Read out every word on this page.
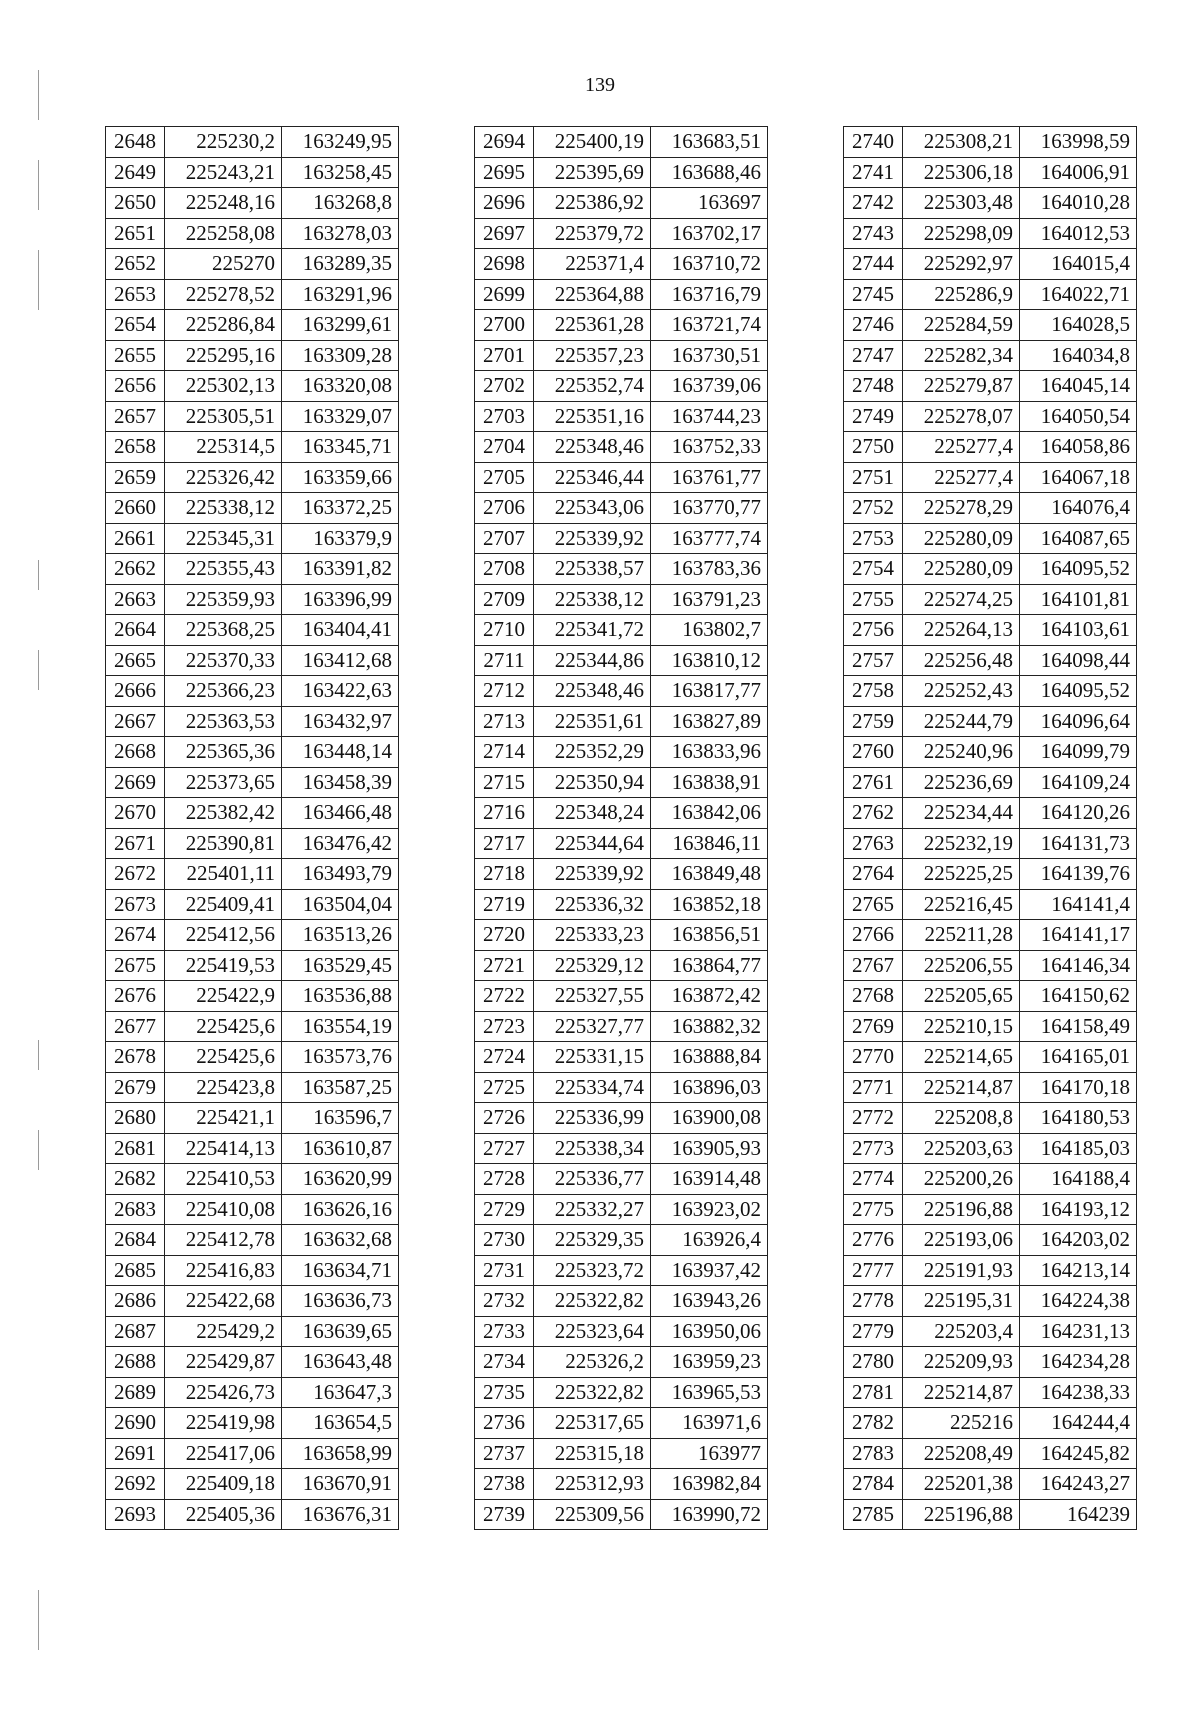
139
2648	225230,2	163249,95
2649	225243,21	163258,45
2650	225248,16	163268,8
2651	225258,08	163278,03
2652	225270	163289,35
2653	225278,52	163291,96
2654	225286,84	163299,61
2655	225295,16	163309,28
2656	225302,13	163320,08
2657	225305,51	163329,07
2658	225314,5	163345,71
2659	225326,42	163359,66
2660	225338,12	163372,25
2661	225345,31	163379,9
2662	225355,43	163391,82
2663	225359,93	163396,99
2664	225368,25	163404,41
2665	225370,33	163412,68
2666	225366,23	163422,63
2667	225363,53	163432,97
2668	225365,36	163448,14
2669	225373,65	163458,39
2670	225382,42	163466,48
2671	225390,81	163476,42
2672	225401,11	163493,79
2673	225409,41	163504,04
2674	225412,56	163513,26
2675	225419,53	163529,45
2676	225422,9	163536,88
2677	225425,6	163554,19
2678	225425,6	163573,76
2679	225423,8	163587,25
2680	225421,1	163596,7
2681	225414,13	163610,87
2682	225410,53	163620,99
2683	225410,08	163626,16
2684	225412,78	163632,68
2685	225416,83	163634,71
2686	225422,68	163636,73
2687	225429,2	163639,65
2688	225429,87	163643,48
2689	225426,73	163647,3
2690	225419,98	163654,5
2691	225417,06	163658,99
2692	225409,18	163670,91
2693	225405,36	163676,31
2694	225400,19	163683,51
2695	225395,69	163688,46
2696	225386,92	163697
2697	225379,72	163702,17
2698	225371,4	163710,72
2699	225364,88	163716,79
2700	225361,28	163721,74
2701	225357,23	163730,51
2702	225352,74	163739,06
2703	225351,16	163744,23
2704	225348,46	163752,33
2705	225346,44	163761,77
2706	225343,06	163770,77
2707	225339,92	163777,74
2708	225338,57	163783,36
2709	225338,12	163791,23
2710	225341,72	163802,7
2711	225344,86	163810,12
2712	225348,46	163817,77
2713	225351,61	163827,89
2714	225352,29	163833,96
2715	225350,94	163838,91
2716	225348,24	163842,06
2717	225344,64	163846,11
2718	225339,92	163849,48
2719	225336,32	163852,18
2720	225333,23	163856,51
2721	225329,12	163864,77
2722	225327,55	163872,42
2723	225327,77	163882,32
2724	225331,15	163888,84
2725	225334,74	163896,03
2726	225336,99	163900,08
2727	225338,34	163905,93
2728	225336,77	163914,48
2729	225332,27	163923,02
2730	225329,35	163926,4
2731	225323,72	163937,42
2732	225322,82	163943,26
2733	225323,64	163950,06
2734	225326,2	163959,23
2735	225322,82	163965,53
2736	225317,65	163971,6
2737	225315,18	163977
2738	225312,93	163982,84
2739	225309,56	163990,72
2740	225308,21	163998,59
2741	225306,18	164006,91
2742	225303,48	164010,28
2743	225298,09	164012,53
2744	225292,97	164015,4
2745	225286,9	164022,71
2746	225284,59	164028,5
2747	225282,34	164034,8
2748	225279,87	164045,14
2749	225278,07	164050,54
2750	225277,4	164058,86
2751	225277,4	164067,18
2752	225278,29	164076,4
2753	225280,09	164087,65
2754	225280,09	164095,52
2755	225274,25	164101,81
2756	225264,13	164103,61
2757	225256,48	164098,44
2758	225252,43	164095,52
2759	225244,79	164096,64
2760	225240,96	164099,79
2761	225236,69	164109,24
2762	225234,44	164120,26
2763	225232,19	164131,73
2764	225225,25	164139,76
2765	225216,45	164141,4
2766	225211,28	164141,17
2767	225206,55	164146,34
2768	225205,65	164150,62
2769	225210,15	164158,49
2770	225214,65	164165,01
2771	225214,87	164170,18
2772	225208,8	164180,53
2773	225203,63	164185,03
2774	225200,26	164188,4
2775	225196,88	164193,12
2776	225193,06	164203,02
2777	225191,93	164213,14
2778	225195,31	164224,38
2779	225203,4	164231,13
2780	225209,93	164234,28
2781	225214,87	164238,33
2782	225216	164244,4
2783	225208,49	164245,82
2784	225201,38	164243,27
2785	225196,88	164239
